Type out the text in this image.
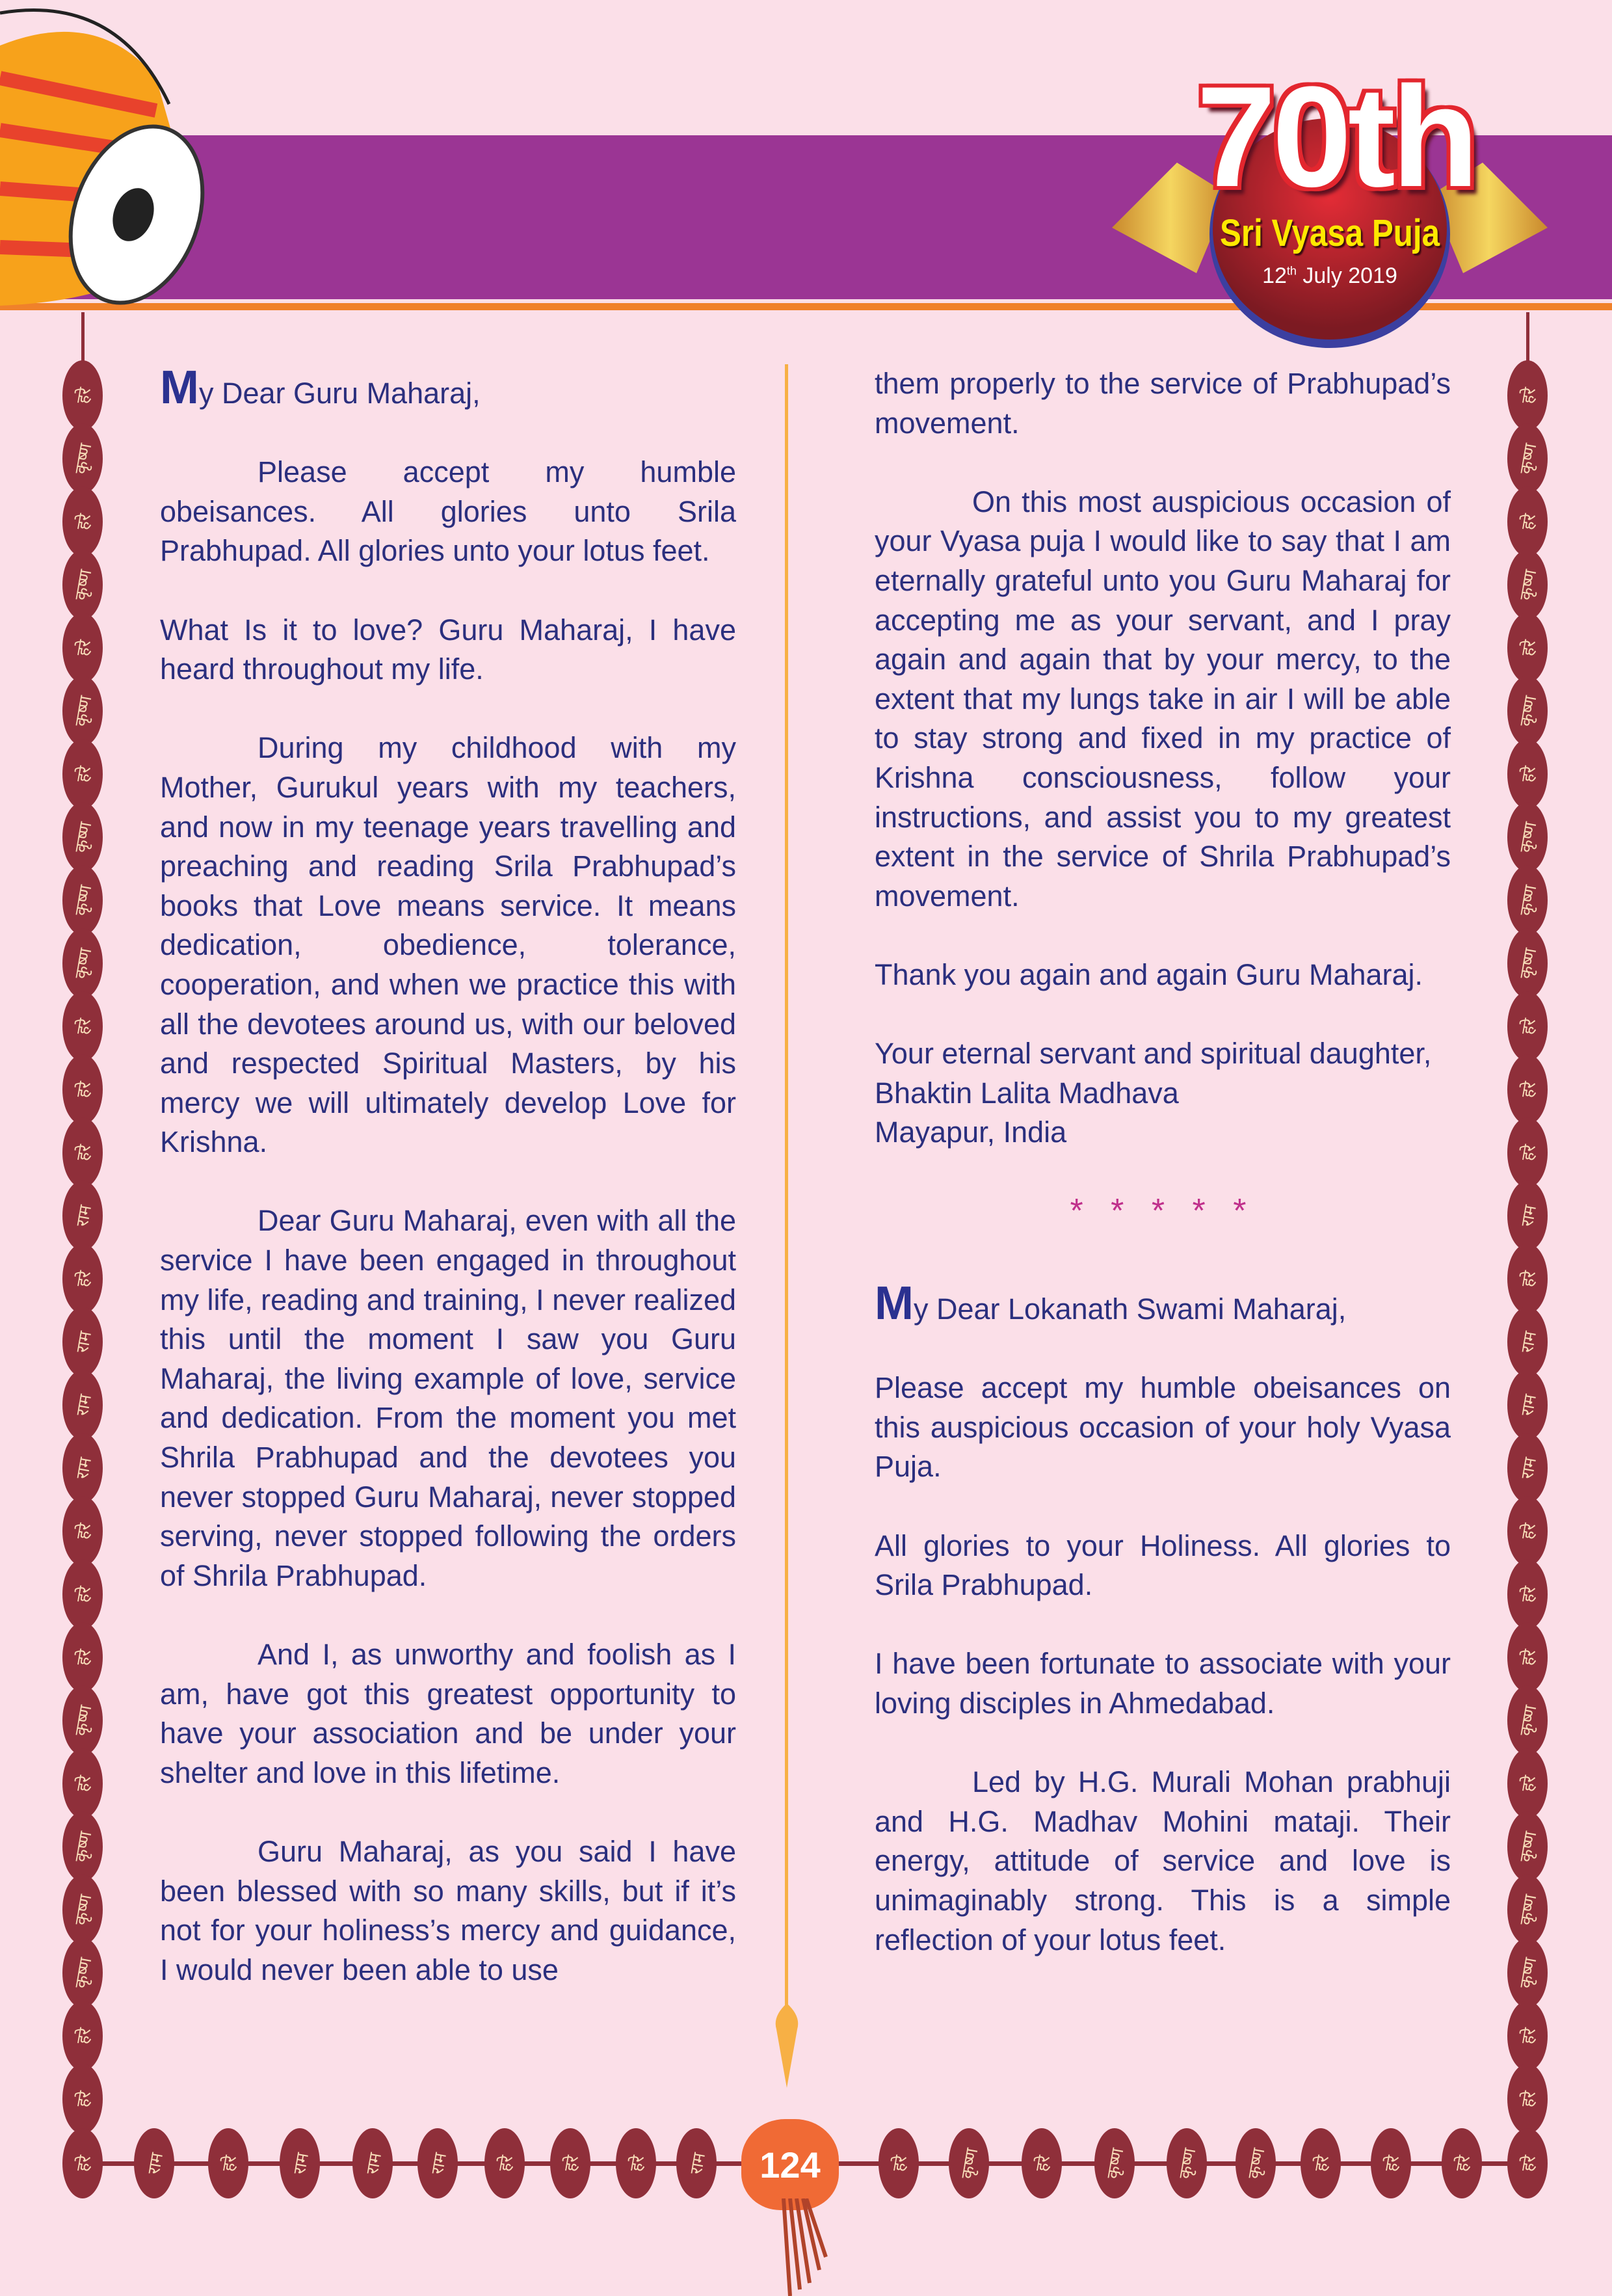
70th
Sri Vyasa Puja
12th July 2019

My Dear Guru Maharaj,

Please accept my humble obeisances. All glories unto Srila Prabhupad. All glories unto your lotus feet.

What Is it to love? Guru Maharaj, I have heard throughout my life.

During my childhood with my Mother, Gurukul years with my teachers, and now in my teenage years travelling and preaching and reading Srila Prabhupad’s books that Love means service. It means dedication, obedience, tolerance, cooperation, and when we practice this with all the devotees around us, with our beloved and respected Spiritual Masters, by his mercy we will ultimately develop Love for Krishna.

Dear Guru Maharaj, even with all the service I have been engaged in throughout my life, reading and training, I never realized this until the moment I saw you Guru Maharaj, the living example of love, service and dedication. From the moment you met Shrila Prabhupad and the devotees you never stopped Guru Maharaj, never stopped serving, never stopped following the orders of Shrila Prabhupad.

And I, as unworthy and foolish as I am, have got this greatest opportunity to have your association and be under your shelter and love in this lifetime.

Guru Maharaj, as you said I have been blessed with so many skills, but if it’s not for your holiness’s mercy and guidance, I would never been able to use

them properly to the service of Prabhupad’s movement.

On this most auspicious occasion of your Vyasa puja I would like to say that I am eternally grateful unto you Guru Maharaj for accepting me as your servant, and I pray again and again that by your mercy, to the extent that my lungs take in air I will be able to stay strong and fixed in my practice of Krishna consciousness, follow your instructions, and assist you to my greatest extent in the service of Shrila Prabhupad’s movement.

Thank you again and again Guru Maharaj.

Your eternal servant and spiritual daughter,
Bhaktin Lalita Madhava
Mayapur, India

* * * * *

My Dear Lokanath Swami Maharaj,

Please accept my humble obeisances on this auspicious occasion of your holy Vyasa Puja.

All glories to your Holiness. All glories to Srila Prabhupad.

I have been fortunate to associate with your loving disciples in Ahmedabad.

Led by H.G. Murali Mohan prabhuji and H.G. Madhav Mohini mataji. Their energy, attitude of service and love is unimaginably strong. This is a simple reflection of your lotus feet.

हरे
कृष्ण
हरे
कृष्ण
हरे
कृष्ण
हरे
कृष्ण
कृष्ण
कृष्ण
हरे
हरे
हरे
राम
हरे
राम
राम
राम
हरे
हरे
हरे
कृष्ण
हरे
कृष्ण
कृष्ण
कृष्ण
हरे
हरे
हरे
कृष्ण
हरे
कृष्ण
हरे
कृष्ण
हरे
कृष्ण
कृष्ण
कृष्ण
हरे
हरे
हरे
राम
हरे
राम
राम
राम
हरे
हरे
हरे
कृष्ण
हरे
कृष्ण
कृष्ण
कृष्ण
हरे
हरे
हरे	राम	हरे	राम	राम राम	हरे	हरे	हरे राम	हरे	कृष्ण	हरे	कृष्ण	कृष्ण	कृष्ण हरे	हरे	हरे	हरे
124
